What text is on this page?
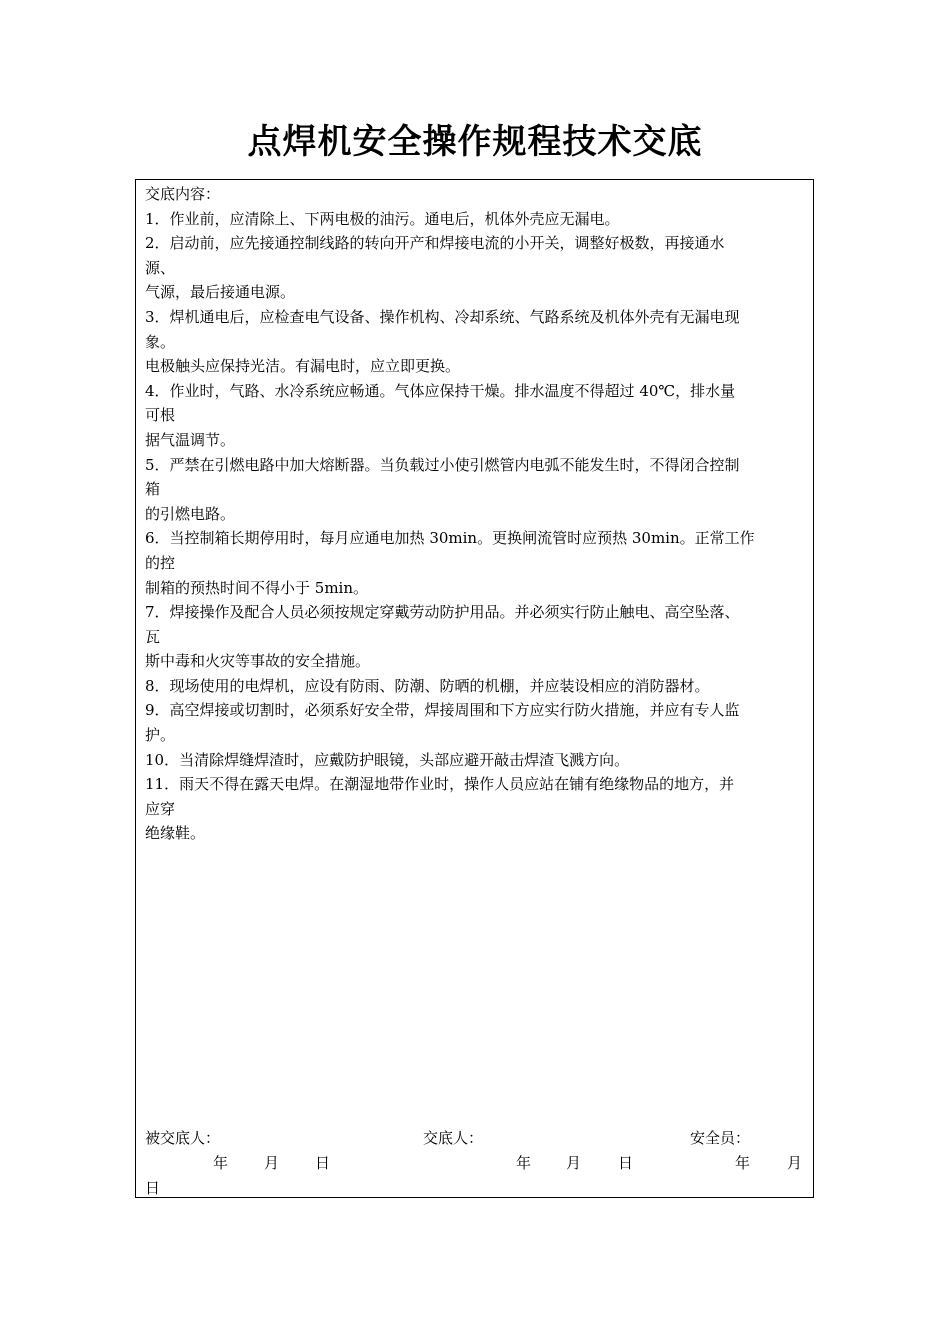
点焊机安全操作规程技术交底
交底内容：
1．作业前，应清除上、下两电极的油污。通电后，机体外壳应无漏电。
2．启动前，应先接通控制线路的转向开产和焊接电流的小开关，调整好极数，再接通水
源、
气源，最后接通电源。
3．焊机通电后，应检查电气设备、操作机构、冷却系统、气路系统及机体外壳有无漏电现
象。
电极触头应保持光洁。有漏电时，应立即更换。
4．作业时，气路、水冷系统应畅通。气体应保持干燥。排水温度不得超过 40℃，排水量
可根
据气温调节。
5．严禁在引燃电路中加大熔断器。当负载过小使引燃管内电弧不能发生时，不得闭合控制
箱
的引燃电路。
6．当控制箱长期停用时，每月应通电加热 30min。更换闸流管时应预热 30min。正常工作
的控
制箱的预热时间不得小于 5min。
7．焊接操作及配合人员必须按规定穿戴劳动防护用品。并必须实行防止触电、高空坠落、
瓦
斯中毒和火灾等事故的安全措施。
8．现场使用的电焊机，应设有防雨、防潮、防晒的机棚，并应装设相应的消防器材。
9．高空焊接或切割时，必须系好安全带，焊接周围和下方应实行防火措施，并应有专人监
护。
10．当清除焊缝焊渣时，应戴防护眼镜，头部应避开敲击焊渣飞溅方向。
11．雨天不得在露天电焊。在潮湿地带作业时，操作人员应站在铺有绝缘物品的地方，并
应穿
绝缘鞋。
被交底人：	交底人：	安全员：
年 月 日	年 月 日	年 月
日
